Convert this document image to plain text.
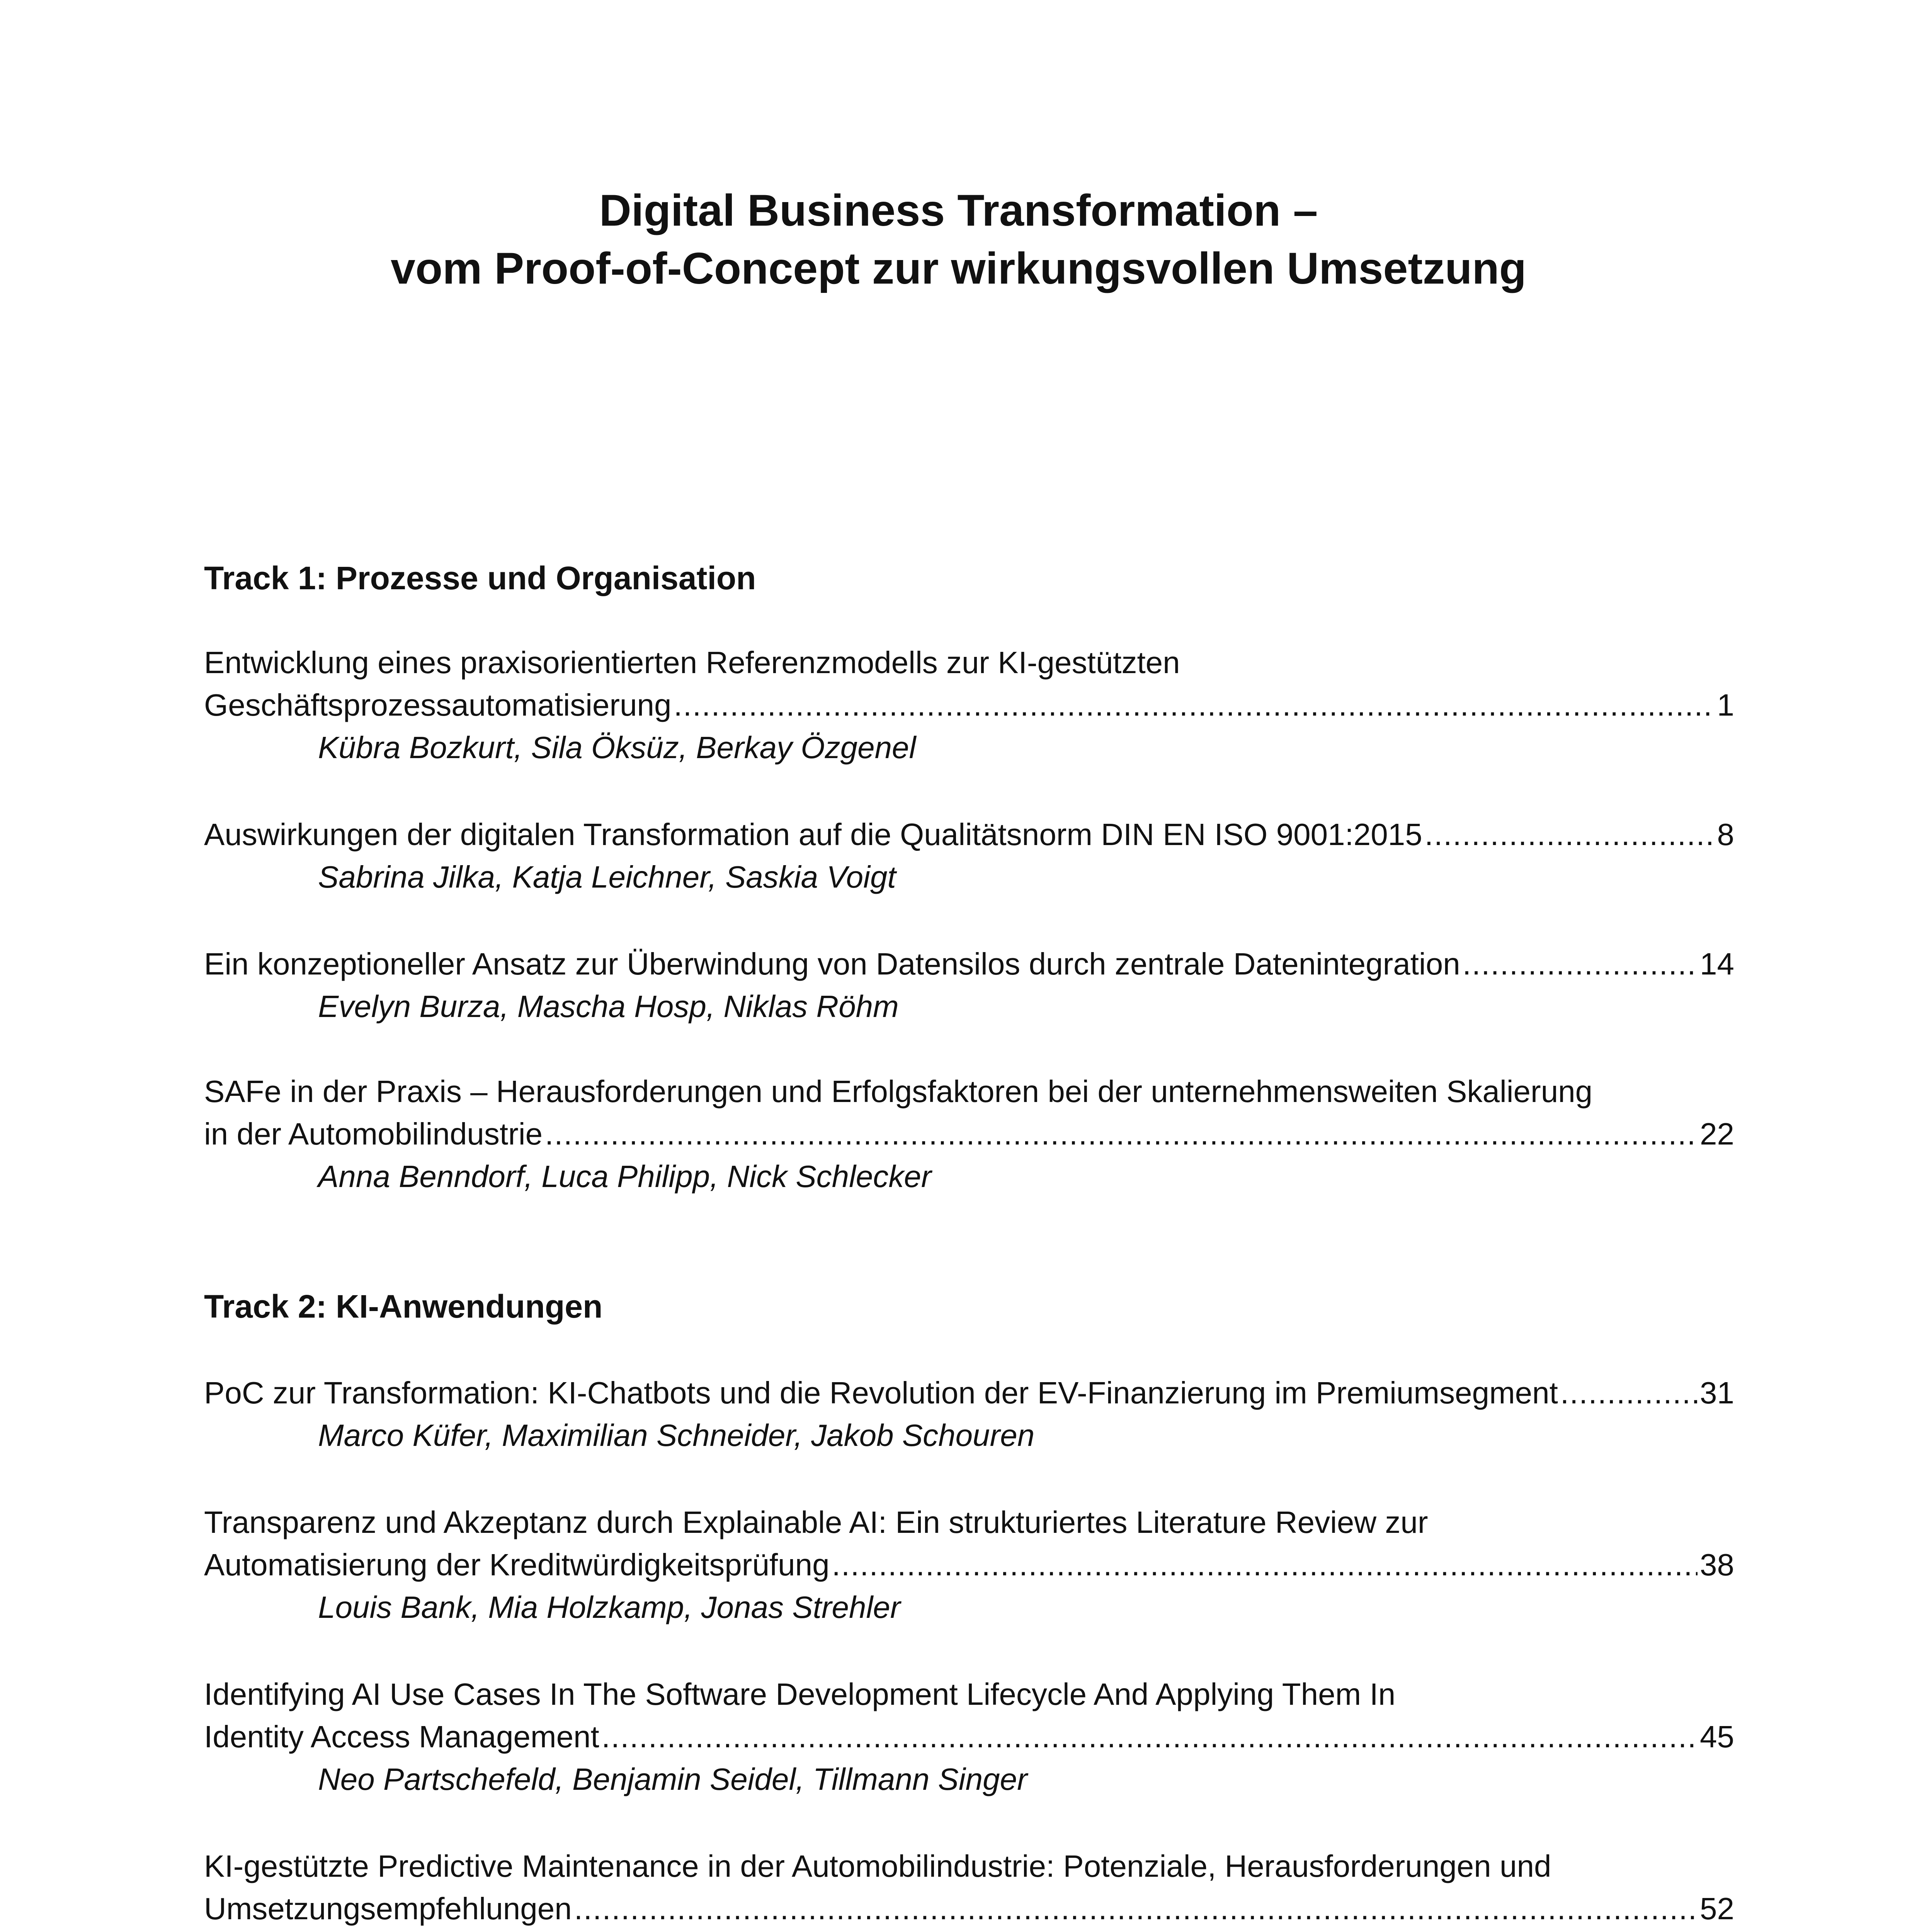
Digital Business Transformation –
vom Proof-of-Concept zur wirkungsvollen Umsetzung
Track 1: Prozesse und Organisation
Entwicklung eines praxisorientierten Referenzmodells zur KI-gestützten
Geschäftsprozessautomatisierung .....	1
Kübra Bozkurt, Sila Öksüz, Berkay Özgenel
Auswirkungen der digitalen Transformation auf die Qualitätsnorm DIN EN ISO 9001:2015 .....	8
Sabrina Jilka, Katja Leichner, Saskia Voigt
Ein konzeptioneller Ansatz zur Überwindung von Datensilos durch zentrale Datenintegration .....	14
Evelyn Burza, Mascha Hosp, Niklas Röhm
SAFe in der Praxis – Herausforderungen und Erfolgsfaktoren bei der unternehmensweiten Skalierung
in der Automobilindustrie .....	22
Anna Benndorf, Luca Philipp, Nick Schlecker
Track 2: KI-Anwendungen
PoC zur Transformation: KI-Chatbots und die Revolution der EV-Finanzierung im Premiumsegment .....	31
Marco Küfer, Maximilian Schneider, Jakob Schouren
Transparenz und Akzeptanz durch Explainable AI: Ein strukturiertes Literature Review zur
Automatisierung der Kreditwürdigkeitsprüfung .....	38
Louis Bank, Mia Holzkamp, Jonas Strehler
Identifying AI Use Cases In The Software Development Lifecycle And Applying Them In
Identity Access Management .....	45
Neo Partschefeld, Benjamin Seidel, Tillmann Singer
KI-gestützte Predictive Maintenance in der Automobilindustrie: Potenziale, Herausforderungen und
Umsetzungsempfehlungen .....	52
